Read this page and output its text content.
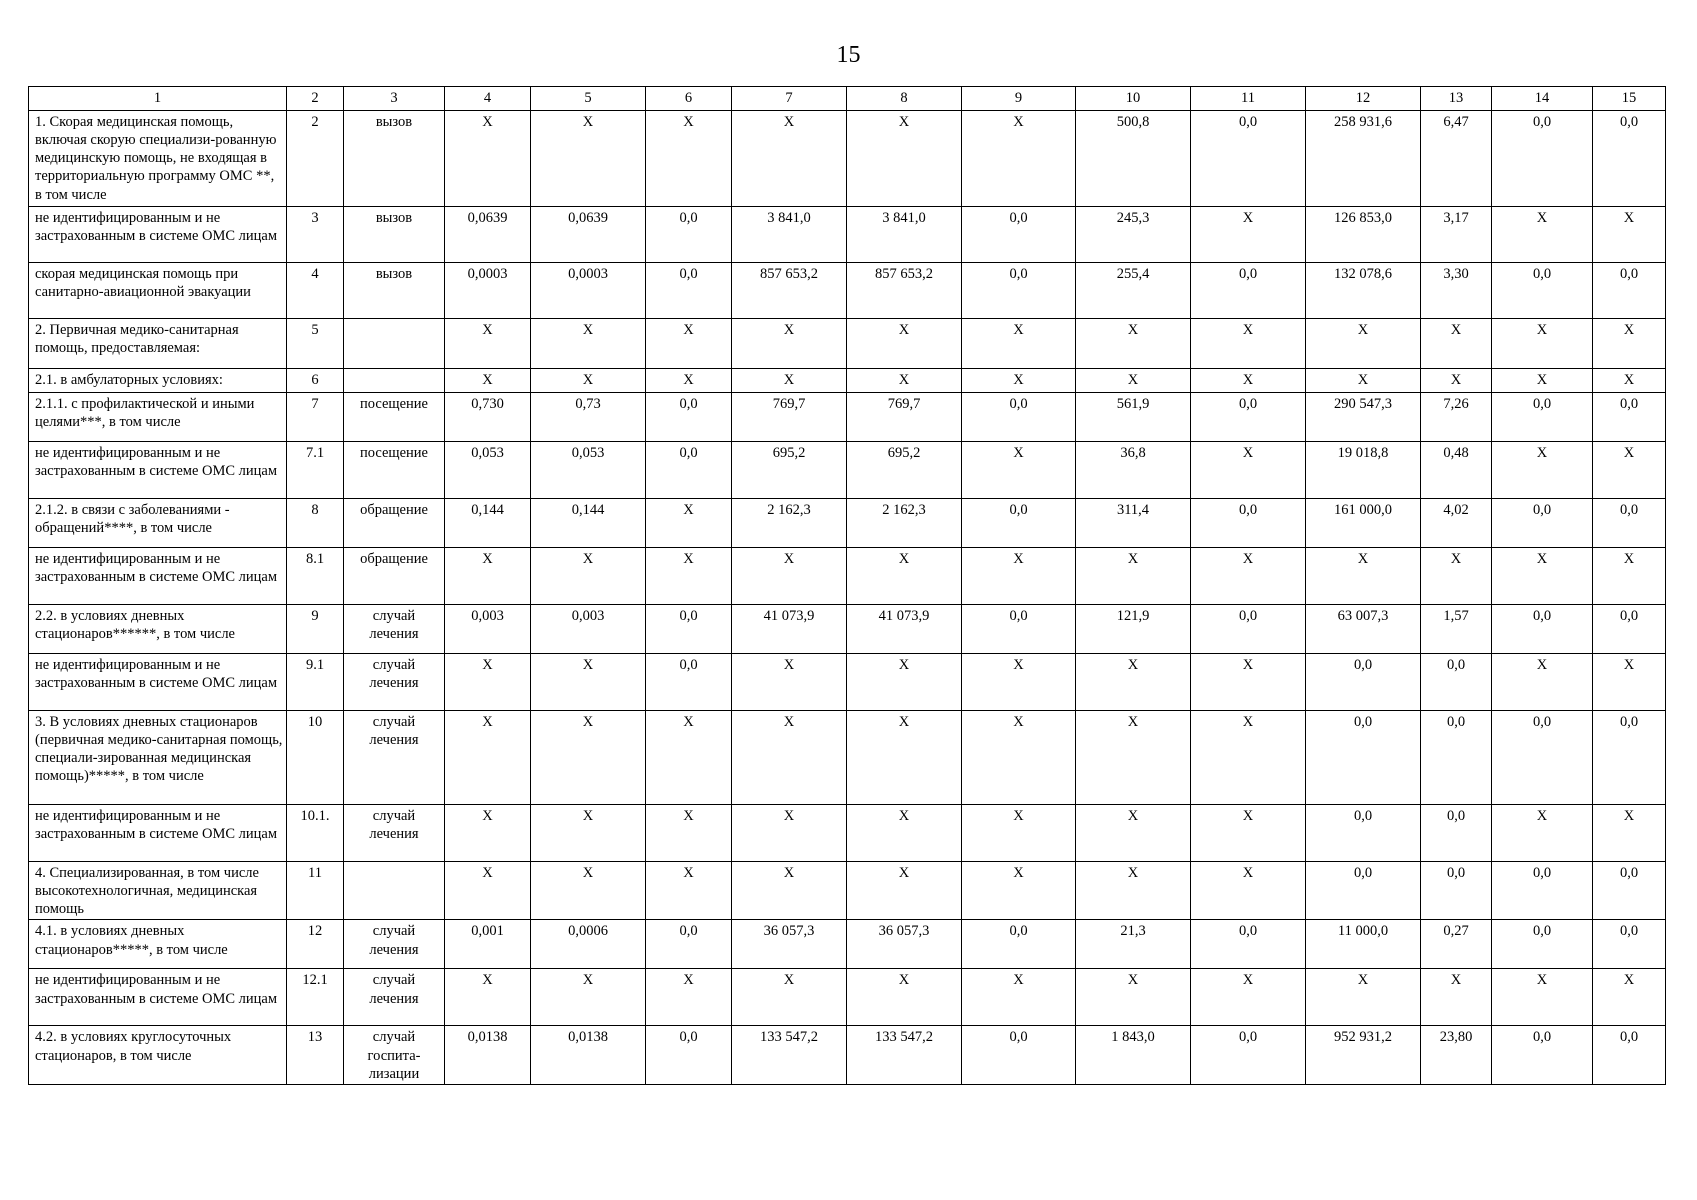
15
1	2	3	4	5	6	7	8	9	10	11	12	13	14	15
1. Скорая медицинская помощь, включая скорую специализи-рованную медицинскую помощь, не входящая в территориальную программу ОМС **, в том числе	2	вызов	X	X	X	X	X	X	500,8	0,0	258 931,6	6,47	0,0	0,0
не идентифицированным и не застрахованным в системе ОМС лицам	3	вызов	0,0639	0,0639	0,0	3 841,0	3 841,0	0,0	245,3	X	126 853,0	3,17	X	X
скорая медицинская помощь при санитарно-авиационной эвакуации	4	вызов	0,0003	0,0003	0,0	857 653,2	857 653,2	0,0	255,4	0,0	132 078,6	3,30	0,0	0,0
2. Первичная медико-санитарная помощь, предоставляемая:	5		X	X	X	X	X	X	X	X	X	X	X	X
2.1. в амбулаторных условиях:	6		X	X	X	X	X	X	X	X	X	X	X	X
2.1.1. с профилактической и иными целями***, в том числе	7	посещение	0,730	0,73	0,0	769,7	769,7	0,0	561,9	0,0	290 547,3	7,26	0,0	0,0
не идентифицированным и не застрахованным в системе ОМС лицам	7.1	посещение	0,053	0,053	0,0	695,2	695,2	X	36,8	X	19 018,8	0,48	X	X
2.1.2. в связи с заболеваниями - обращений****, в том числе	8	обращение	0,144	0,144	X	2 162,3	2 162,3	0,0	311,4	0,0	161 000,0	4,02	0,0	0,0
не идентифицированным и не застрахованным в системе ОМС лицам	8.1	обращение	X	X	X	X	X	X	X	X	X	X	X	X
2.2. в условиях дневных стационаров******, в том числе	9	случай лечения	0,003	0,003	0,0	41 073,9	41 073,9	0,0	121,9	0,0	63 007,3	1,57	0,0	0,0
не идентифицированным и не застрахованным в системе ОМС лицам	9.1	случай лечения	X	X	0,0	X	X	X	X	X	0,0	0,0	X	X
3. В условиях дневных стационаров (первичная медико-санитарная помощь, специали-зированная медицинская помощь)*****, в том числе	10	случай лечения	X	X	X	X	X	X	X	X	0,0	0,0	0,0	0,0
не идентифицированным и не застрахованным в системе ОМС лицам	10.1.	случай лечения	X	X	X	X	X	X	X	X	0,0	0,0	X	X
4. Специализированная, в том числе высокотехнологичная, медицинская помощь	11		X	X	X	X	X	X	X	X	0,0	0,0	0,0	0,0
4.1. в условиях дневных стационаров*****, в том числе	12	случай лечения	0,001	0,0006	0,0	36 057,3	36 057,3	0,0	21,3	0,0	11 000,0	0,27	0,0	0,0
не идентифицированным и не застрахованным в системе ОМС лицам	12.1	случай лечения	X	X	X	X	X	X	X	X	X	X	X	X
4.2. в условиях круглосуточных стационаров, в том числе	13	случай госпита-лизации	0,0138	0,0138	0,0	133 547,2	133 547,2	0,0	1 843,0	0,0	952 931,2	23,80	0,0	0,0
